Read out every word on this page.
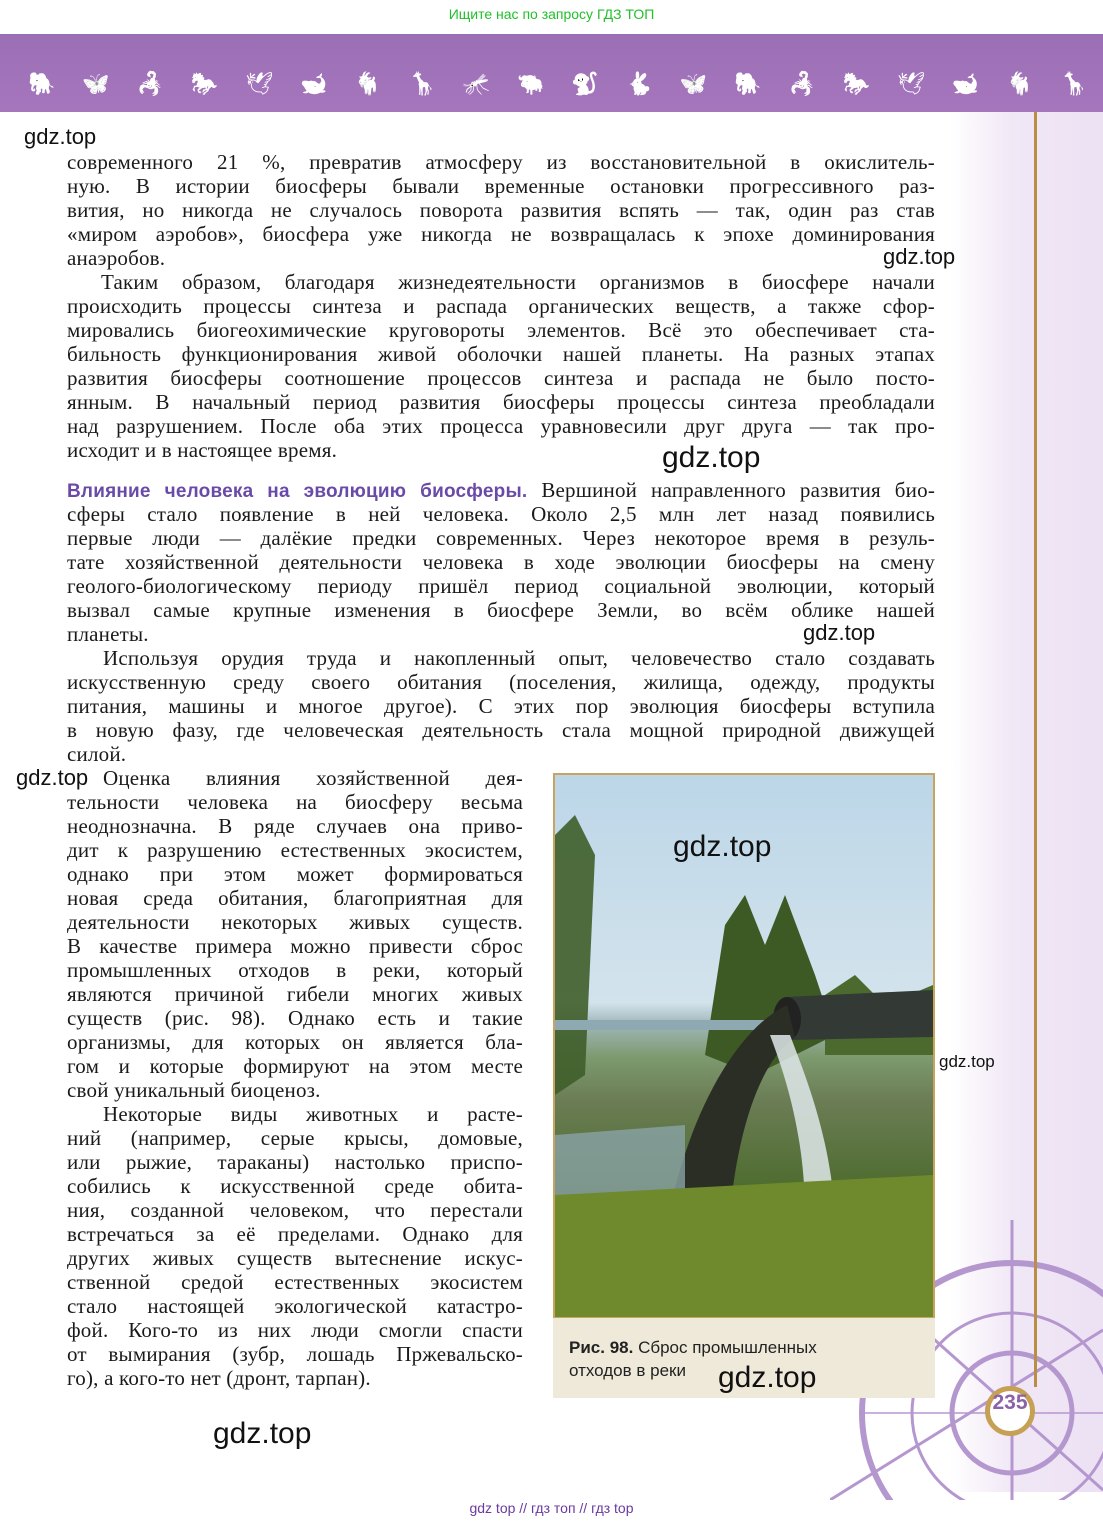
Ищите нас по запросу ГДЗ ТОП
🐘 🦋 🦂 🐎 🕊 🐋 🐐 🦒 🦟 🐃 🐒 🐇 🦋 🐘 🦂 🐎 🕊 🐋 🐐 🦒
235
современного 21 %, превратив атмосферу из восстановительной в окислитель-
ную. В истории биосферы бывали временные остановки прогрессивного раз-
вития, но никогда не случалось поворота развития вспять — так, один раз став
«миром аэробов», биосфера уже никогда не возвращалась к эпохе доминирования
анаэробов.
Таким образом, благодаря жизнедеятельности организмов в биосфере начали
происходить процессы синтеза и распада органических веществ, а также сфор-
мировались биогеохимические круговороты элементов. Всё это обеспечивает ста-
бильность функционирования живой оболочки нашей планеты. На разных этапах
развития биосферы соотношение процессов синтеза и распада не было посто-
янным. В начальный период развития биосферы процессы синтеза преобладали
над разрушением. После оба этих процесса уравновесили друг друга — так про-
исходит и в настоящее время.
Влияние человека на эволюцию биосферы. Вершиной направленного развития био-
сферы стало появление в ней человека. Около 2,5 млн лет назад появились
первые люди — далёкие предки современных. Через некоторое время в резуль-
тате хозяйственной деятельности человека в ходе эволюции биосферы на смену
геолого-биологическому периоду пришёл период социальной эволюции, который
вызвал самые крупные изменения в биосфере Земли, во всём облике нашей
планеты.
Используя орудия труда и накопленный опыт, человечество стало создавать
искусственную среду своего обитания (поселения, жилища, одежду, продукты
питания, машины и многое другое). С этих пор эволюция биосферы вступила
в новую фазу, где человеческая деятельность стала мощной природной движущей
силой.
Оценка влияния хозяйственной дея-
тельности человека на биосферу весьма
неоднозначна. В ряде случаев она приво-
дит к разрушению естественных экосистем,
однако при этом может формироваться
новая среда обитания, благоприятная для
деятельности некоторых живых существ.
В качестве примера можно привести сброс
промышленных отходов в реки, который
являются причиной гибели многих живых
существ (рис. 98). Однако есть и такие
организмы, для которых он является бла-
гом и которые формируют на этом месте
свой уникальный биоценоз.
Некоторые виды животных и расте-
ний (например, серые крысы, домовые,
или рыжие, тараканы) настолько приспо-
собились к искусственной среде обита-
ния, созданной человеком, что перестали
встречаться за её пределами. Однако для
других живых существ вытеснение искус-
ственной средой естественных экосистем
стало настоящей экологической катастро-
фой. Кого-то из них люди смогли спасти
от вымирания (зубр, лошадь Пржевальско-
го), а кого-то нет (дронт, тарпан).
Рис. 98. Сброс промышленных отходов в реки
gdz.top
gdz.top
gdz.top
gdz.top
gdz.top
gdz.top
gdz.top
gdz.top
gdz.top
gdz top // гдз топ // гдз top
